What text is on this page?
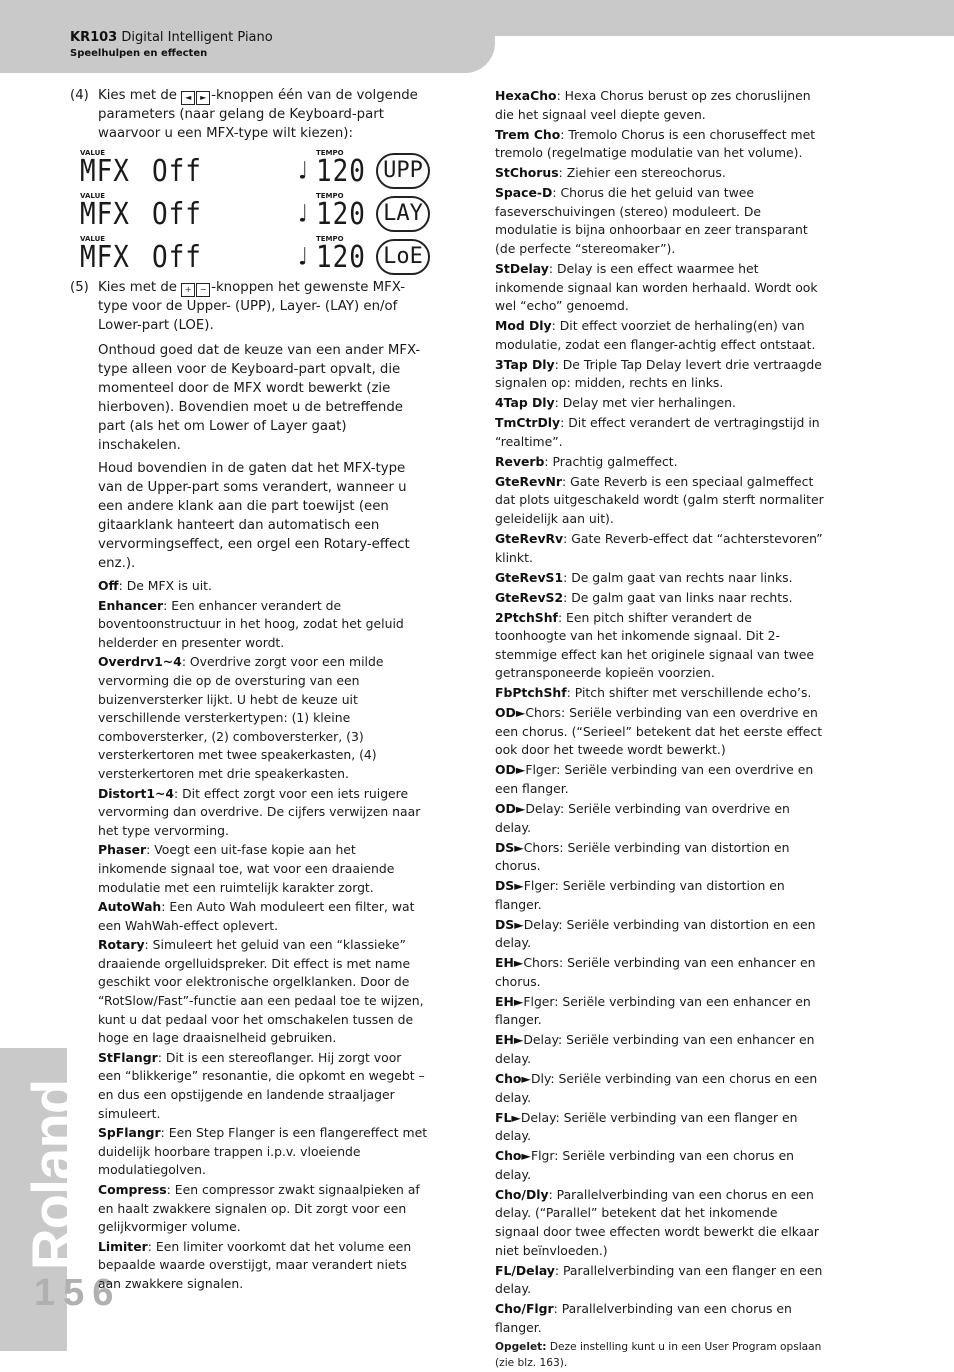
KR103 Digital Intelligent Piano
Speelhulpen en effecten
Roland
156
(4) Kies met de ◄ ► -knoppen één van de volgende parameters (naar gelang de Keyboard-part waarvoor u een MFX-type wilt kiezen):
VALUE
MFX Off
TEMPO
♩ 120 UPP
VALUE
MFX Off
TEMPO
♩ 120 LAY
VALUE
MFX Off
TEMPO
♩ 120 LoE
(5) Kies met de + − -knoppen het gewenste MFX-type voor de Upper- (UPP), Layer- (LAY) en/of Lower-part (LOE).

Onthoud goed dat de keuze van een ander MFX-type alleen voor de Keyboard-part opvalt, die momenteel door de MFX wordt bewerkt (zie hierboven). Bovendien moet u de betreffende part (als het om Lower of Layer gaat) inschakelen.

Houd bovendien in de gaten dat het MFX-type van de Upper-part soms verandert, wanneer u een andere klank aan die part toewijst (een gitaarklank hanteert dan automatisch een vervormingseffect, een orgel een Rotary-effect enz.).

Off: De MFX is uit.
Enhancer: Een enhancer verandert de boventoonstructuur in het hoog, zodat het geluid helderder en presenter wordt.
Overdrv1~4: Overdrive zorgt voor een milde vervorming die op de oversturing van een buizenversterker lijkt. U hebt de keuze uit verschillende versterkertypen: (1) kleine comboversterker, (2) comboversterker, (3) versterkertoren met twee speakerkasten, (4) versterkertoren met drie speakerkasten.
Distort1~4: Dit effect zorgt voor een iets ruigere vervorming dan overdrive. De cijfers verwijzen naar het type vervorming.
Phaser: Voegt een uit-fase kopie aan het inkomende signaal toe, wat voor een draaiende modulatie met een ruimtelijk karakter zorgt.
AutoWah: Een Auto Wah moduleert een filter, wat een WahWah-effect oplevert.
Rotary: Simuleert het geluid van een “klassieke” draaiende orgelluidspreker. Dit effect is met name geschikt voor elektronische orgelklanken. Door de “RotSlow/Fast”-functie aan een pedaal toe te wijzen, kunt u dat pedaal voor het omschakelen tussen de hoge en lage draaisnelheid gebruiken.
StFlangr: Dit is een stereoflanger. Hij zorgt voor een “blikkerige” resonantie, die opkomt en wegebt – en dus een opstijgende en landende straaljager simuleert.
SpFlangr: Een Step Flanger is een flangereffect met duidelijk hoorbare trappen i.p.v. vloeiende modulatiegolven.
Compress: Een compressor zwakt signaalpieken af en haalt zwakkere signalen op. Dit zorgt voor een gelijkvormiger volume.
Limiter: Een limiter voorkomt dat het volume een bepaalde waarde overstijgt, maar verandert niets aan zwakkere signalen.
HexaCho: Hexa Chorus berust op zes choruslijnen die het signaal veel diepte geven.
Trem Cho: Tremolo Chorus is een choruseffect met tremolo (regelmatige modulatie van het volume).
StChorus: Ziehier een stereochorus.
Space-D: Chorus die het geluid van twee faseverschuivingen (stereo) moduleert. De modulatie is bijna onhoorbaar en zeer transparant (de perfecte “stereomaker”).
StDelay: Delay is een effect waarmee het inkomende signaal kan worden herhaald. Wordt ook wel “echo” genoemd.
Mod Dly: Dit effect voorziet de herhaling(en) van modulatie, zodat een flanger-achtig effect ontstaat.
3Tap Dly: De Triple Tap Delay levert drie vertraagde signalen op: midden, rechts en links.
4Tap Dly: Delay met vier herhalingen.
TmCtrDly: Dit effect verandert de vertragingstijd in “realtime”.
Reverb: Prachtig galmeffect.
GteRevNr: Gate Reverb is een speciaal galmeffect dat plots uitgeschakeld wordt (galm sterft normaliter geleidelijk aan uit).
GteRevRv: Gate Reverb-effect dat “achterstevoren” klinkt.
GteRevS1: De galm gaat van rechts naar links.
GteRevS2: De galm gaat van links naar rechts.
2PtchShf: Een pitch shifter verandert de toonhoogte van het inkomende signaal. Dit 2-stemmige effect kan het originele signaal van twee getransponeerde kopieën voorzien.
FbPtchShf: Pitch shifter met verschillende echo’s.
OD►Chors: Seriële verbinding van een overdrive en een chorus. (“Serieel” betekent dat het eerste effect ook door het tweede wordt bewerkt.)
OD►Flger: Seriële verbinding van een overdrive en een flanger.
OD►Delay: Seriële verbinding van overdrive en delay.
DS►Chors: Seriële verbinding van distortion en chorus.
DS►Flger: Seriële verbinding van distortion en flanger.
DS►Delay: Seriële verbinding van distortion en een delay.
EH►Chors: Seriële verbinding van een enhancer en chorus.
EH►Flger: Seriële verbinding van een enhancer en flanger.
EH►Delay: Seriële verbinding van een enhancer en delay.
Cho►Dly: Seriële verbinding van een chorus en een delay.
FL►Delay: Seriële verbinding van een flanger en delay.
Cho►Flgr: Seriële verbinding van een chorus en delay.
Cho/Dly: Parallelverbinding van een chorus en een delay. (“Parallel” betekent dat het inkomende signaal door twee effecten wordt bewerkt die elkaar niet beïnvloeden.)
FL/Delay: Parallelverbinding van een flanger en een delay.
Cho/Flgr: Parallelverbinding van een chorus en flanger.
Opgelet: Deze instelling kunt u in een User Program opslaan (zie blz. 163).
